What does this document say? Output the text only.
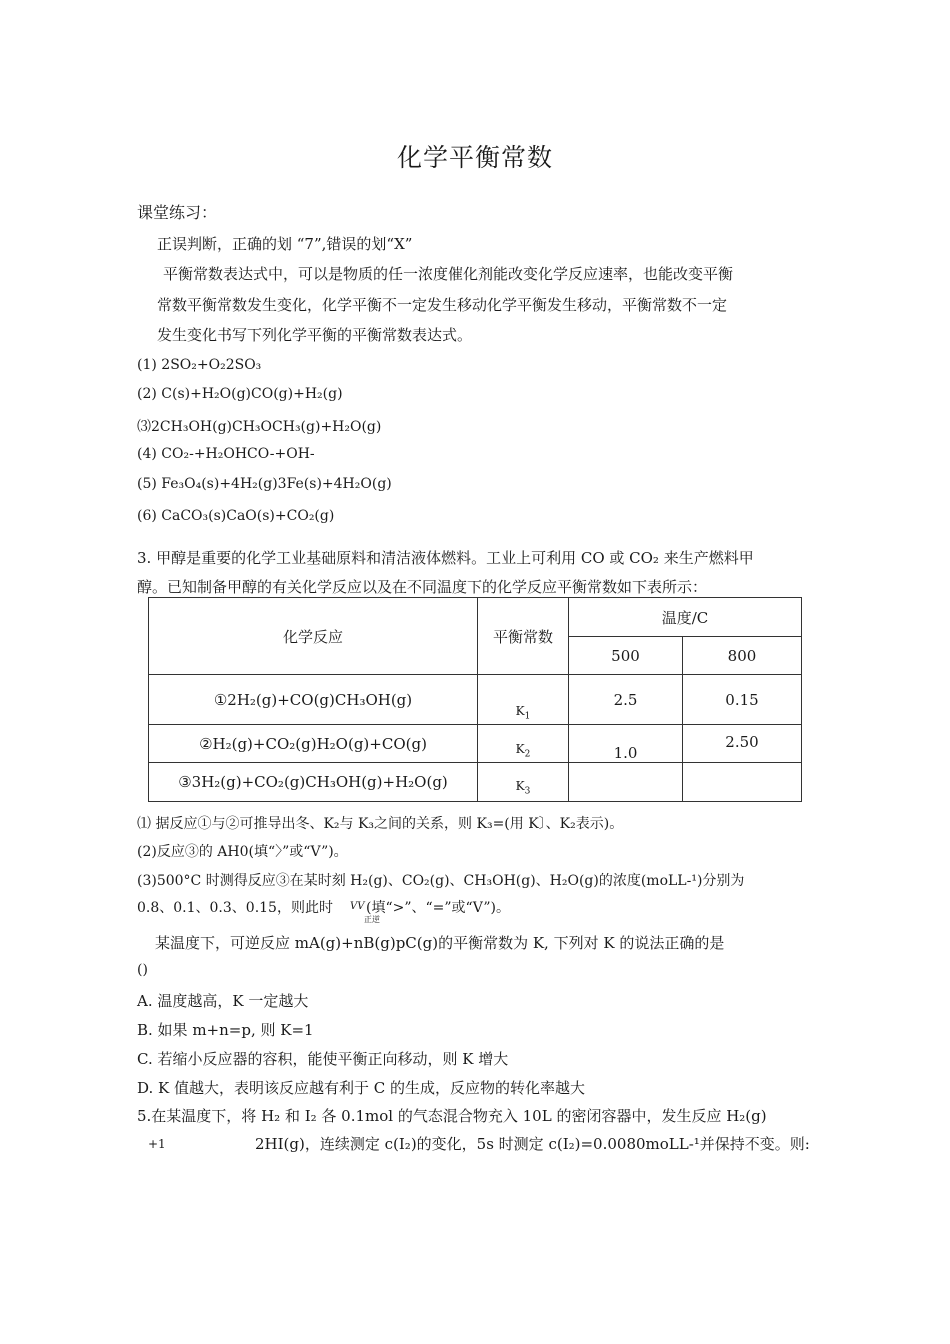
化学平衡常数
课堂练习：
正误判断，正确的划 “7”,错误的划“X”
平衡常数表达式中，可以是物质的任一浓度催化剂能改变化学反应速率，也能改变平衡
常数平衡常数发生变化，化学平衡不一定发生移动化学平衡发生移动，平衡常数不一定
发生变化书写下列化学平衡的平衡常数表达式。
(1) 2SO₂+O₂2SO₃
(2) C(s)+H₂O(g)CO(g)+H₂(g)
⑶2CH₃OH(g)CH₃OCH₃(g)+H₂O(g)
(4) CO₂-+H₂OHCO-+OH-
(5) Fe₃O₄(s)+4H₂(g)3Fe(s)+4H₂O(g)
(6) CaCO₃(s)CaO(s)+CO₂(g)
3. 甲醇是重要的化学工业基础原料和清洁液体燃料。工业上可利用 CO 或 CO₂ 来生产燃料甲
醇。已知制备甲醇的有关化学反应以及在不同温度下的化学反应平衡常数如下表所示：
化学反应	平衡常数	温度/C	
		500	800
①2H₂(g)+CO(g)CH₃OH(g)	$_{K_1}$	2.5	0.15
②H₂(g)+CO₂(g)H₂O(g)+CO(g)	$_{K_2}$	1.0	2.50
③3H₂(g)+CO₂(g)CH₃OH(g)+H₂O(g)	$_{K_3}$		
⑴ 据反应①与②可推导出冬、K₂与 K₃之间的关系，则 K₃=(用 K〕、K₂表示)。
(2)反应③的 AH0(填“〉”或“V”)。
(3)500°C 时测得反应③在某时刻 H₂(g)、CO₂(g)、CH₃OH(g)、H₂O(g)的浓度(moLL-¹)分别为
0.8、0.1、0.3、0.15，则此时 VV (填“>”、“=”或“V”)。
正逆
某温度下，可逆反应 mA(g)+nB(g)pC(g)的平衡常数为 K, 下列对 K 的说法正确的是
()
A. 温度越高，K 一定越大
B. 如果 m+n=p, 则 K=1
C. 若缩小反应器的容积，能使平衡正向移动，则 K 增大
D. K 值越大，表明该反应越有利于 C 的生成，反应物的转化率越大
5.在某温度下，将 H₂ 和 I₂ 各 0.1mol 的气态混合物充入 10L 的密闭容器中，发生反应 H₂(g)
+1	2HI(g)，连续测定 c(I₂)的变化，5s 时测定 c(I₂)=0.0080moLL-¹并保持不变。则:
